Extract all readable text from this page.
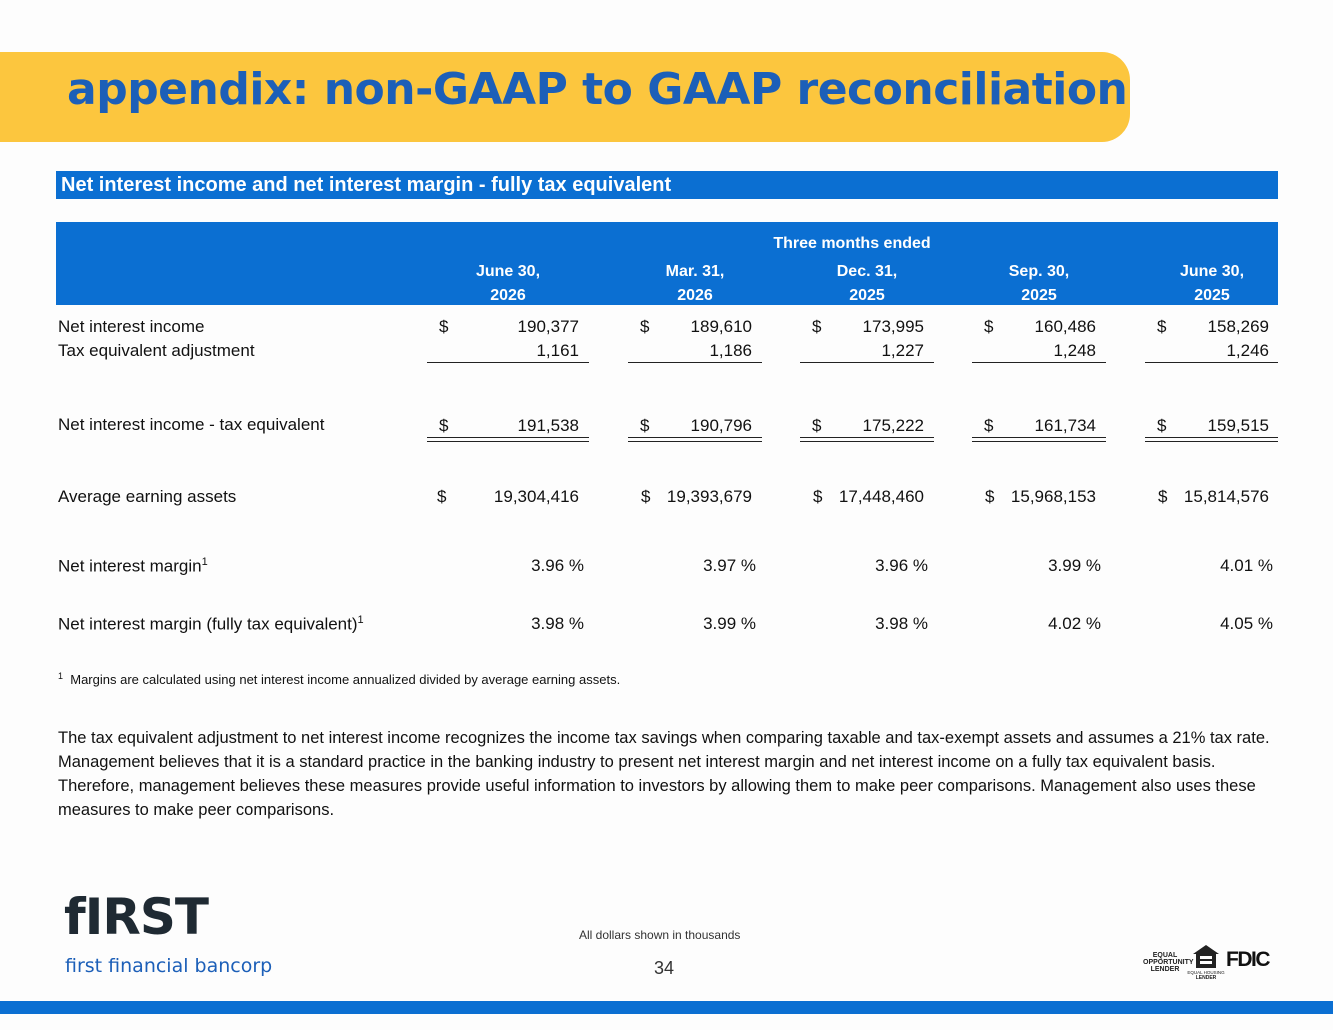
appendix: non-GAAP to GAAP reconciliation
Net interest income and net interest margin - fully tax equivalent
Three months ended
June 30,
2026
Mar. 31,
2026
Dec. 31,
2025
Sep. 30,
2025
June 30,
2025
Net interest income	$	190,377	$	189,610	$	173,995	$	160,486	$	158,269
Tax equivalent adjustment	1,161	1,186	1,227	1,248	1,246
Net interest income - tax equivalent	$	191,538	$	190,796	$	175,222	$	161,734	$	159,515
Average earning assets	$	19,304,416	$ 19,393,679	$ 17,448,460	$ 15,968,153	$ 15,814,576
Net interest margin$^1$	3.96 %	3.97 %	3.96 %	3.99 %	4.01 %
Net interest margin (fully tax equivalent)$^1$	3.98 %	3.99 %	3.98 %	4.02 %	4.05 %
$^1$ Margins are calculated using net interest income annualized divided by average earning assets.
The tax equivalent adjustment to net interest income recognizes the income tax savings when comparing taxable and tax-exempt assets and assumes a 21% tax rate. Management believes that it is a standard practice in the banking industry to present net interest margin and net interest income on a fully tax equivalent basis. Therefore, management believes these measures provide useful information to investors by allowing them to make peer comparisons. Management also uses these measures to make peer comparisons.
fIRST
first financial bancorp
All dollars shown in thousands
34
EQUAL
OPPORTUNITY
LENDER	EQUAL HOUSING
LENDER
FDIC
